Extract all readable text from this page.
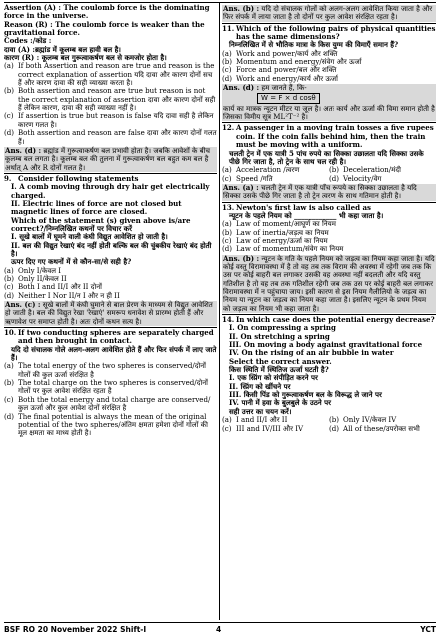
Assertion (A) : The coulomb force is the dominating force in the universe.

Reason (R) : The coulomb force is weaker than the gravitational force.

Codes :/कोड :

दावा (A) :ब्रह्मांड में कूलम्ब बल हावी बल है।

कारण (R) : कूलम्ब बल गुरूत्वाकर्षण बल से कमजोर होता है।

(a) If both Assertion and reason are true and reason is the correct explanation of assertion यदि दावा और कारण दोनों सच हैं और कारण दावा की सही व्याख्या करता है।
(b) Both assertion and reason are true but reason is not the correct explanation of assertion दावा और कारण दोनों सही हैं लेकिन कारण, दावा की सही व्याख्या नहीं है।
(c) If assertion is true but reason is false यदि दावा सही है लेकिन कारण गलत है।
(d) Both assertion and reason are false दावा और कारण दोनों गलत हैं।
Ans. (d) : ब्रह्मांड में गुरूत्वाकर्षण बल प्रभावी होता है। जबकि आवेशों के बीच कूलम्ब बल लगता है। कूलम्ब बल की तुलना में गुरूत्वाकर्षण बल बहुत कम बल है अर्थात् A और R दोनों गलत है।
9. Consider following statements

I. A comb moving through dry hair get electrically charged.

II. Electric lines of force are not closed but magnetic lines of force are closed.

Which of the statement (s) given above is/are correct?/निम्नलिखित कथनों पर विचार करें

I. सूखे बालों में घूमने वाली कंघी विद्युत आवेशित हो जाती है।

II. बल की विद्युत रेखाएं बंद नहीं होती बल्कि बल की चुंबकीय रेखाएं बंद होती है।

ऊपर दिए गए कथनों में से कौन-सा/से सही है?

(a) Only I/केवल I
(b) Only II/केवल II
(c) Both I and II/I और II दोनों
(d) Neither I Nor II/न I और न ही II
Ans. (c) : सूखे बालों में कंघी घुमाने से बाल प्रेरण के माध्यम से विद्युत आवेशित हो जाती है। बल की विद्युत रेखा 'रेखाएं' समरूप धनावेश से प्रारम्भ होती हैं और ऋणावेश पर समाप्त होती है। अतः दोनों कथन सत्य है।
10. If two conducting spheres are separately charged and then brought in contact.

यदि दो संचालक गोले अलग-अलग आवेशित होते हैं और फिर संपर्क में लाए जाते हैं।

(a) The total energy of the two spheres is conserved/दोनों गोलों की कुल ऊर्जा संरक्षित है
(b) The total charge on the two spheres is conserved/दोनों गोलों पर कुल आवेश संरक्षित रहता है
(c) Both the total energy and total charge are conserved/कुल ऊर्जा और कुल आवेश दोनों संरक्षित है
(d) The final potential is always the mean of the original potential of the two spheres/अंतिम क्षमता हमेशा दोनों गोलों की मूल क्षमता का माध्य होती है।
Ans. (b) : यदि दो संचालक गोलों को अलग-अलग आवेशित किया जाता है और फिर संपर्क में लाया जाता है तो दोनों पर कुल आवेश संरक्षित रहता है।
11. Which of the following pairs of physical quantities has the same dimensions?

निम्नलिखित में से भौतिक मात्रा के किस युग्म की विमाएँ समान हैं?

(a) Work and power/कार्य और शक्ति
(b) Momentum and energy/संवेग और ऊर्जा
(c) Force and power/बल और शक्ति
(d) Work and energy/कार्य और ऊर्जा
Ans. (d) : हम जानते हैं, कि-
W = F × d cosθ
कार्य का मात्रक न्यूटन मीटर या जूल है। अतः कार्य और ऊर्जा की विमा समान होती है जिसका विमीय सूत्र ML²T⁻² है।
12. A passenger in a moving train tosses a five rupees coin. If the coin falls behind him, then the train must be moving with a uniform.

चलती ट्रेन में एक यात्री 5 पांच रुपये का सिक्का उछालता यदि सिक्का उसके पीछे गिर जाता है, तो ट्रेन के साथ चल रही है।

(a) Acceleration /त्वरण	(b) Deceleration/मंदी
(c) Speed /गति	(d) Velocity/वेग
Ans. (a) : चलती ट्रेन में एक यात्री पाँच रूपये का सिक्का उछालता है यदि सिक्का उसके पीछे गिर जाता है तो ट्रेन त्वरण के साथ गतिमान होती है।
13. Newton's first law is also called as

न्यूटन के पहले नियम को ____________ भी कहा जाता है।

(a) Law of moment/आघूर्ण का नियम
(b) Law of inertia/जड़त्व का नियम
(c) Law of energy/ऊर्जा का नियम
(d) Law of momentum/संवेग का नियम
Ans. (b) : न्यूटन के गति के पहले नियम को जड़त्व का नियम कहा जाता है। यदि कोई वस्तु विरामावस्था में है तो वह तब तक विराम की अवस्था में रहेगी जब तक कि उस पर कोई बाहरी बल लगाकर उसकी वह अवस्था नहीं बदलती और यदि वस्तु गतिशील है तो वह तब तक गतिशील रहेगी जब तक उस पर कोई बाहरी बल लगाकर विरामावस्था में न पहुंचाया जाय। इसी कारण से इस नियम गैलीलियो के जड़त्व का नियम या न्यूटन का जड़त्व का नियम कहा जाता है। इसलिए न्यूटन के प्रथम नियम को जड़त्व का नियम भी कहा जाता है।
14. In which case does the potential energy decrease?

I. On compressing a spring

II. On stretching a spring

III. On moving a body against gravitational force

IV. On the rising of an air bubble in water

Select the correct answer.

किस स्थिति में स्थितिज ऊर्जा घटती है?

I. एक स्प्रिंग को संपीड़ित करने पर

II. स्प्रिंग को खींचने पर

III. किसी पिंड को गुरूत्वाकर्षण बल के विरूद्ध ले जाने पर

IV. पानी में हवा के बुलबुले के उठने पर

सही उत्तर का चयन करें।

(a) I and II/I और II	(b) Only IV/केवल IV
(c) III and IV/III और IV	(d) All of these/उपरोक्त सभी
BSF RO 20 November 2022 Shift-I	4	YCT
